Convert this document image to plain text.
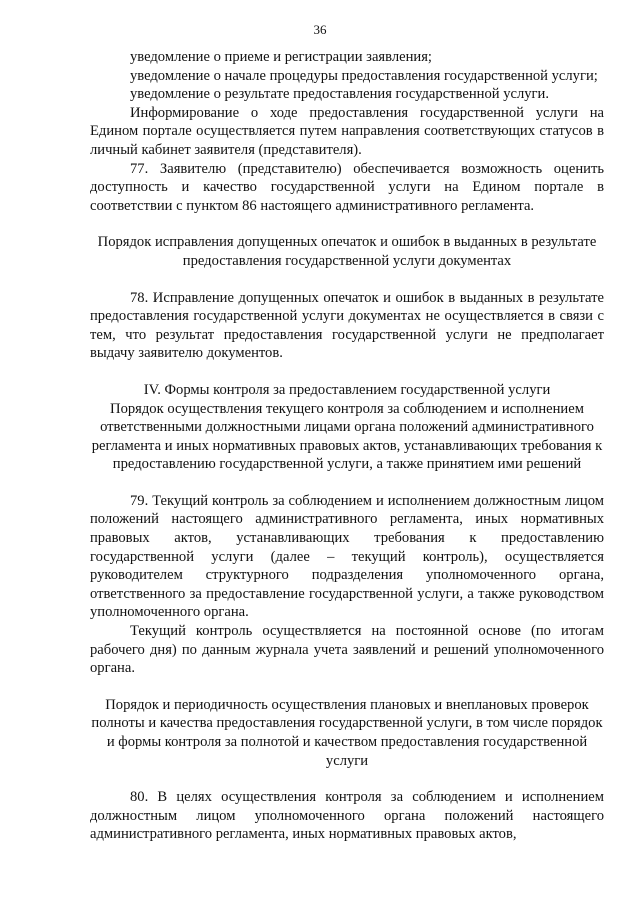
36

уведомление о приеме и регистрации заявления;

уведомление о начале процедуры предоставления государственной услуги;

уведомление о результате предоставления государственной услуги.

Информирование о ходе предоставления государственной услуги на Едином портале осуществляется путем направления соответствующих статусов в личный кабинет заявителя (представителя).

77. Заявителю (представителю) обеспечивается возможность оценить доступность и качество государственной услуги на Едином портале в соответствии с пунктом 86 настоящего административного регламента.

Порядок исправления допущенных опечаток и ошибок в выданных в результате предоставления государственной услуги документах

78. Исправление допущенных опечаток и ошибок в выданных в результате предоставления государственной услуги документах не осуществляется в связи с тем, что результат предоставления государственной услуги не предполагает выдачу заявителю документов.

IV. Формы контроля за предоставлением государственной услуги

Порядок осуществления текущего контроля за соблюдением и исполнением ответственными должностными лицами органа положений административного регламента и иных нормативных правовых актов, устанавливающих требования к предоставлению государственной услуги, а также принятием ими решений

79. Текущий контроль за соблюдением и исполнением должностным лицом положений настоящего административного регламента, иных нормативных правовых актов, устанавливающих требования к предоставлению государственной услуги (далее – текущий контроль), осуществляется руководителем структурного подразделения уполномоченного органа, ответственного за предоставление государственной услуги, а также руководством уполномоченного органа.

Текущий контроль осуществляется на постоянной основе (по итогам рабочего дня) по данным журнала учета заявлений и решений уполномоченного органа.

Порядок и периодичность осуществления плановых и внеплановых проверок полноты и качества предоставления государственной услуги, в том числе порядок и формы контроля за полнотой и качеством предоставления государственной услуги

80. В целях осуществления контроля за соблюдением и исполнением должностным лицом уполномоченного органа положений настоящего административного регламента, иных нормативных правовых актов,
